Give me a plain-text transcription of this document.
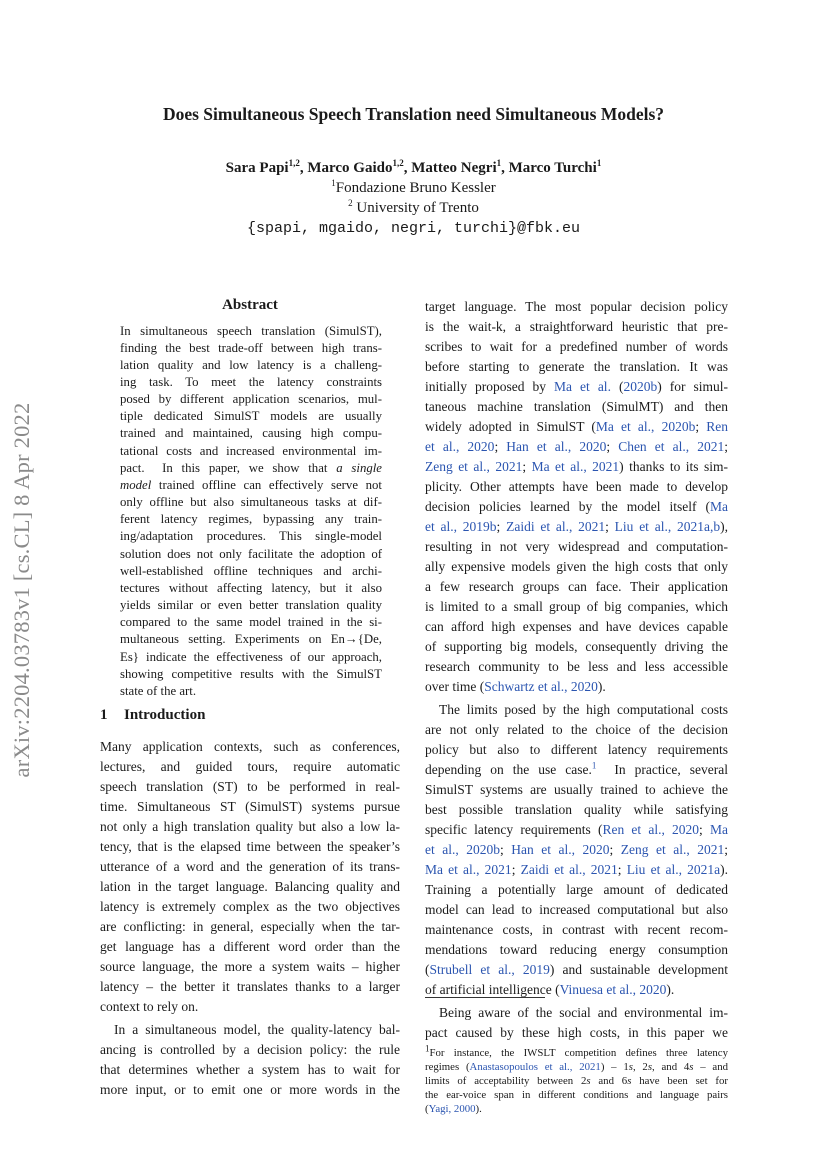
Does Simultaneous Speech Translation need Simultaneous Models?
Sara Papi$^{1,2}$, Marco Gaido$^{1,2}$, Matteo Negri$^1$, Marco Turchi$^1$
$^1$Fondazione Bruno Kessler
$^2$ University of Trento
{spapi, mgaido, negri, turchi}@fbk.eu
arXiv:2204.03783v1 [cs.CL] 8 Apr 2022
Abstract
In simultaneous speech translation (SimulST),
finding the best trade-off between high trans-
lation quality and low latency is a challeng-
ing task. To meet the latency constraints
posed by different application scenarios, mul-
tiple dedicated SimulST models are usually
trained and maintained, causing high compu-
tational costs and increased environmental im-
pact.  In this paper, we show that a single
model trained offline can effectively serve not
only offline but also simultaneous tasks at dif-
ferent latency regimes, bypassing any train-
ing/adaptation procedures. This single-model
solution does not only facilitate the adoption of
well-established offline techniques and archi-
tectures without affecting latency, but it also
yields similar or even better translation quality
compared to the same model trained in the si-
multaneous setting. Experiments on En→{De,
Es} indicate the effectiveness of our approach,
showing competitive results with the SimulST
state of the art.
1 Introduction
Many application contexts, such as conferences,
lectures, and guided tours, require automatic
speech translation (ST) to be performed in real-
time. Simultaneous ST (SimulST) systems pursue
not only a high translation quality but also a low la-
tency, that is the elapsed time between the speaker’s
utterance of a word and the generation of its trans-
lation in the target language. Balancing quality and
latency is extremely complex as the two objectives
are conflicting: in general, especially when the tar-
get language has a different word order than the
source language, the more a system waits – higher
latency – the better it translates thanks to a larger
context to rely on.
In a simultaneous model, the quality-latency bal-
ancing is controlled by a decision policy: the rule
that determines whether a system has to wait for
more input, or to emit one or more words in the
target language. The most popular decision policy
is the wait-k, a straightforward heuristic that pre-
scribes to wait for a predefined number of words
before starting to generate the translation. It was
initially proposed by Ma et al. (2020b) for simul-
taneous machine translation (SimulMT) and then
widely adopted in SimulST (Ma et al., 2020b; Ren
et al., 2020; Han et al., 2020; Chen et al., 2021;
Zeng et al., 2021; Ma et al., 2021) thanks to its sim-
plicity. Other attempts have been made to develop
decision policies learned by the model itself (Ma
et al., 2019b; Zaidi et al., 2021; Liu et al., 2021a,b),
resulting in not very widespread and computation-
ally expensive models given the high costs that only
a few research groups can face. Their application
is limited to a small group of big companies, which
can afford high expenses and have devices capable
of supporting big models, consequently driving the
research community to be less and less accessible
over time (Schwartz et al., 2020).
The limits posed by the high computational costs
are not only related to the choice of the decision
policy but also to different latency requirements
depending on the use case.$^1$  In practice, several
SimulST systems are usually trained to achieve the
best possible translation quality while satisfying
specific latency requirements (Ren et al., 2020; Ma
et al., 2020b; Han et al., 2020; Zeng et al., 2021;
Ma et al., 2021; Zaidi et al., 2021; Liu et al., 2021a).
Training a potentially large amount of dedicated
model can lead to increased computational but also
maintenance costs, in contrast with recent recom-
mendations toward reducing energy consumption
(Strubell et al., 2019) and sustainable development
of artificial intelligence (Vinuesa et al., 2020).
Being aware of the social and environmental im-
pact caused by these high costs, in this paper we
$^1$For instance, the IWSLT competition defines three latency
regimes (Anastasopoulos et al., 2021) – 1s, 2s, and 4s – and
limits of acceptability between 2s and 6s have been set for
the ear-voice span in different conditions and language pairs
(Yagi, 2000).
